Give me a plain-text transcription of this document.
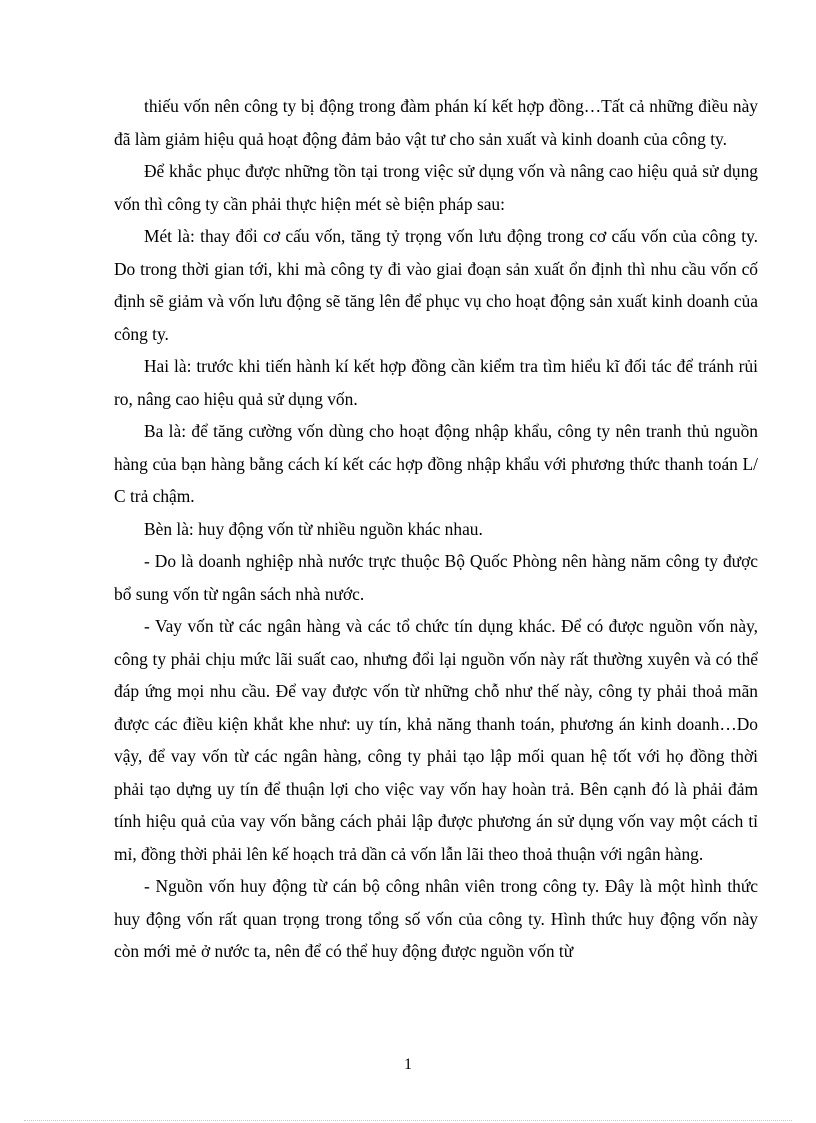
thiếu vốn nên công ty bị động trong đàm phán kí kết hợp đồng…Tất cả những điều này đã làm giảm hiệu quả hoạt động đảm bảo vật tư cho sản xuất và kinh doanh của công ty.

Để khắc phục được những tồn tại trong việc sử dụng vốn và nâng cao hiệu quả sử dụng vốn thì công ty cần phải thực hiện mét sè biện pháp sau:

Mét là: thay đổi cơ cấu vốn, tăng tỷ trọng vốn lưu động trong cơ cấu vốn của công ty. Do trong thời gian tới, khi mà công ty đi vào giai đoạn sản xuất ổn định thì nhu cầu vốn cố định sẽ giảm và vốn lưu động sẽ tăng lên để phục vụ cho hoạt động sản xuất kinh doanh của công ty.

Hai là: trước khi tiến hành kí kết hợp đồng cần kiểm tra tìm hiểu kĩ đối tác để tránh rủi ro, nâng cao hiệu quả sử dụng vốn.

Ba là: để tăng cường vốn dùng cho hoạt động nhập khẩu, công ty nên tranh thủ nguồn hàng của bạn hàng bằng cách kí kết các hợp đồng nhập khẩu với phương thức thanh toán L/ C trả chậm.

Bèn là: huy động vốn từ nhiều nguồn khác nhau.

- Do là doanh nghiệp nhà nước trực thuộc Bộ Quốc Phòng nên hàng năm công ty được bổ sung vốn từ ngân sách nhà nước.

- Vay vốn từ các ngân hàng và các tổ chức tín dụng khác. Để có được nguồn vốn này, công ty phải chịu mức lãi suất cao, nhưng đổi lại nguồn vốn này rất thường xuyên và có thể đáp ứng mọi nhu cầu. Để vay được vốn từ những chỗ như thế này, công ty phải thoả mãn được các điều kiện khắt khe như: uy tín, khả năng thanh toán, phương án kinh doanh…Do vậy, để vay vốn từ các ngân hàng, công ty phải tạo lập mối quan hệ tốt với họ đồng thời phải tạo dựng uy tín để thuận lợi cho việc vay vốn hay hoàn trả. Bên cạnh đó là phải đảm tính hiệu quả của vay vốn bằng cách phải lập được phương án sử dụng vốn vay một cách tỉ mỉ, đồng thời phải lên kế hoạch trả dần cả vốn lẫn lãi theo thoả thuận với ngân hàng.

- Nguồn vốn huy động từ cán bộ công nhân viên trong công ty. Đây là một hình thức huy động vốn rất quan trọng trong tổng số vốn của công ty. Hình thức huy động vốn này còn mới mẻ ở nước ta, nên để có thể huy động được nguồn vốn từ

1
